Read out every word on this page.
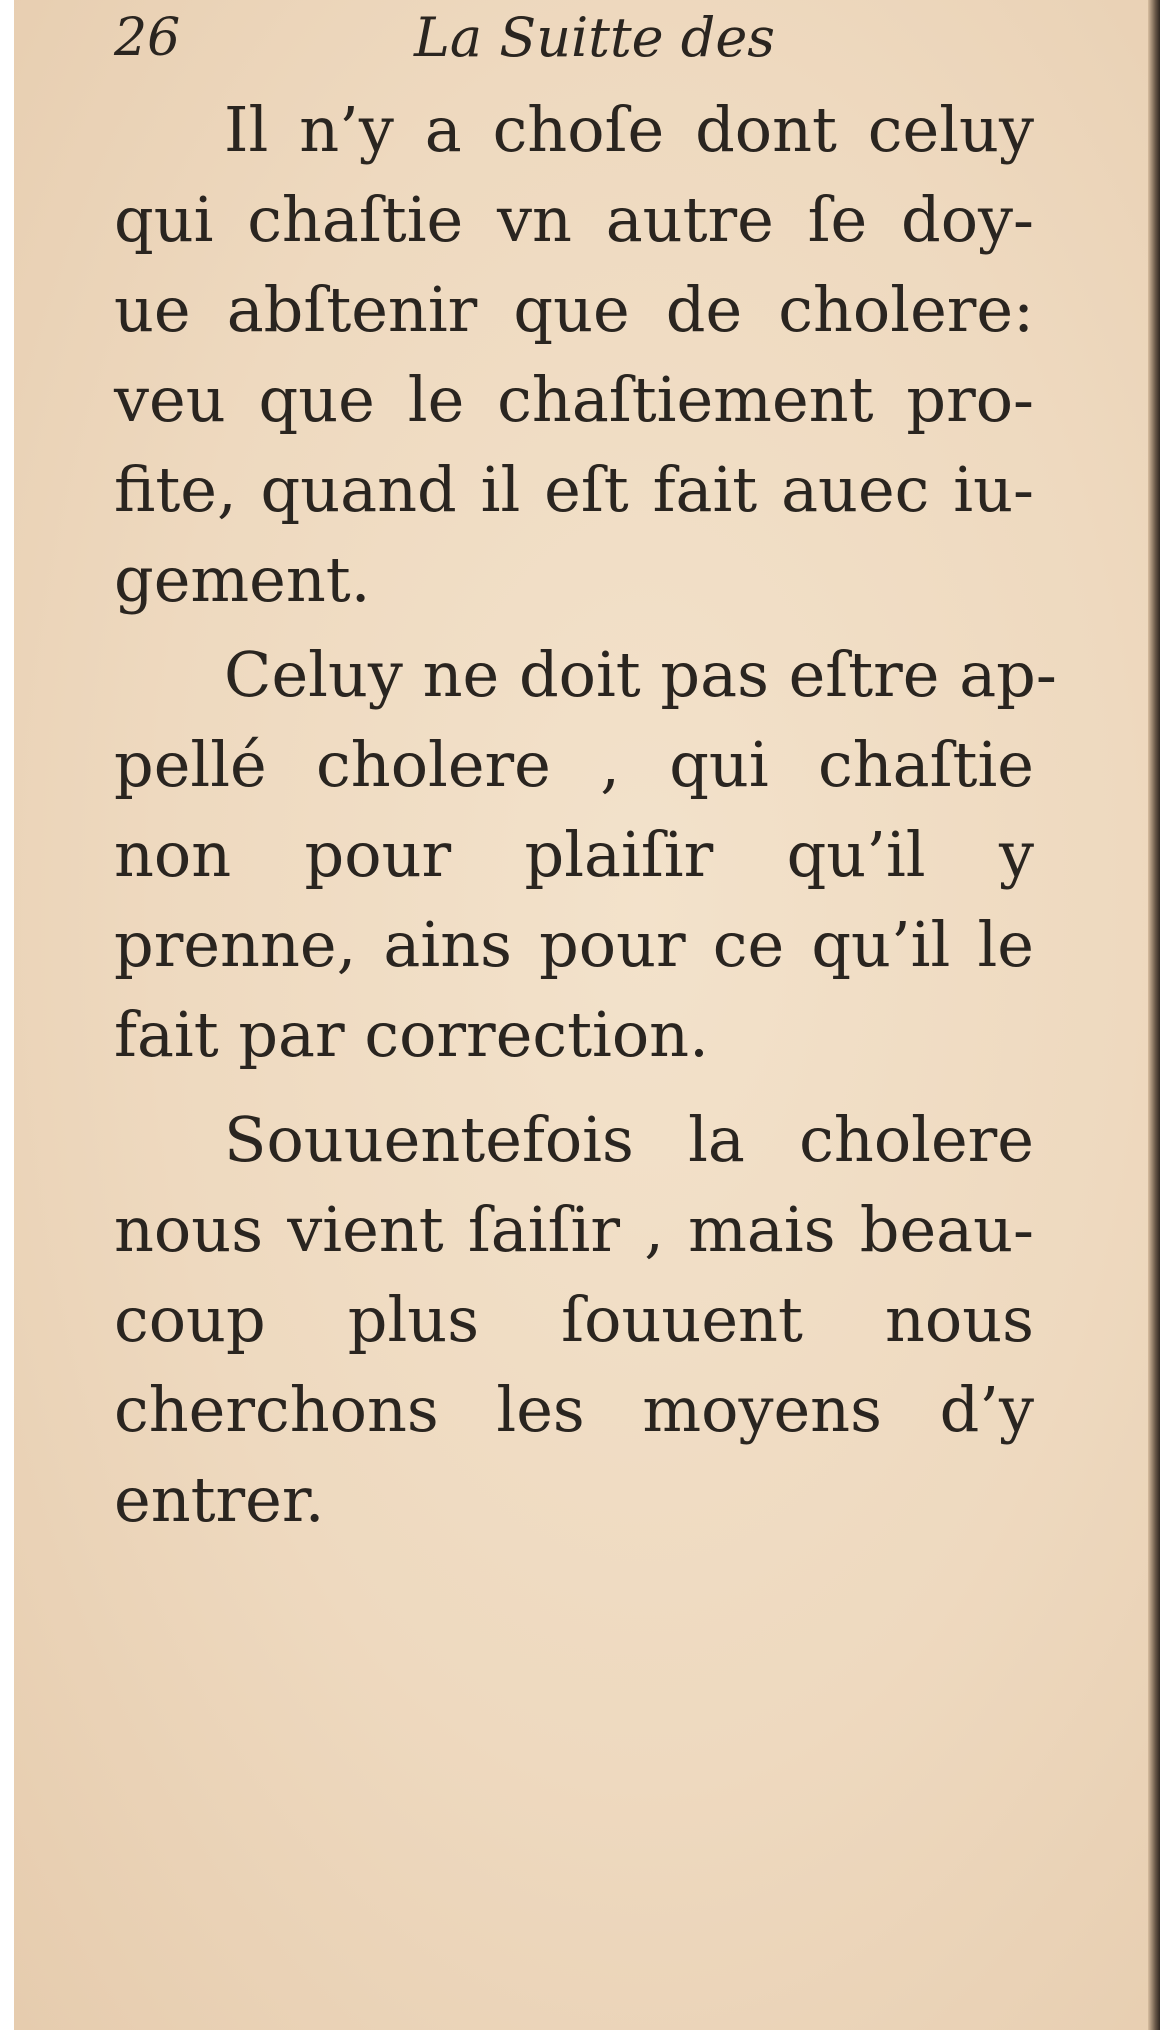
26	La Suitte des
Il n’y a choſe dont celuy
qui chaſtie vn autre ſe doy-
ue abſtenir que de cholere:
veu que le chaſtiement pro-
fite, quand il eſt fait auec iu-
gement.
Celuy ne doit pas eſtre ap-
pellé cholere , qui chaſtie
non pour plaiſir qu’il y
prenne, ains pour ce qu’il le
fait par correction.
Souuentefois la cholere
nous vient ſaiſir , mais beau-
coup plus ſouuent nous
cherchons les moyens d’y
entrer.
